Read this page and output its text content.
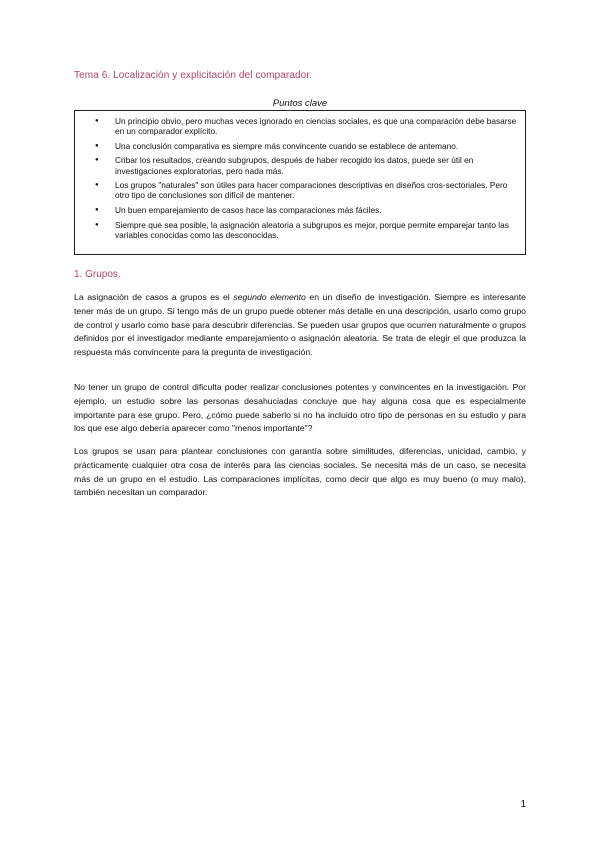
Tema 6. Localización y explicitación del comparador.
Puntos clave
● Un principio obvio, pero muchas veces ignorado en ciencias sociales, es que una comparación debe basarse en un comparador explícito.
● Una conclusión comparativa es siempre más convincente cuando se establece de antemano.
● Cribar los resultados, creando subgrupos, después de haber recogido los datos, puede ser útil en investigaciones exploratorias, pero nada más.
● Los grupos "naturales" son útiles para hacer comparaciones descriptivas en diseños cros-sectoriales. Pero otro tipo de conclusiones son difícil de mantener.
● Un buen emparejamiento de casos hace las comparaciones más fáciles.
● Siempre que sea posible, la asignación aleatoria a subgrupos es mejor, porque permite emparejar tanto las variables conocidas como las desconocidas.
1. Grupos.

La asignación de casos a grupos es el segundo elemento en un diseño de investigación. Siempre es interesante tener más de un grupo. Si tengo más de un grupo puede obtener más detalle en una descripción, usarlo como grupo de control y usarlo como base para descubrir diferencias. Se pueden usar grupos que ocurren naturalmente o grupos definidos por el investigador mediante emparejamiento o asignación aleatoria. Se trata de elegir el que produzca la respuesta más convincente para la pregunta de investigación.

No tener un grupo de control dificulta poder realizar conclusiones potentes y convincentes en la investigación. Por ejemplo, un estudio sobre las personas desahuciadas concluye que hay alguna cosa que es especialmente importante para ese grupo. Pero, ¿cómo puede saberlo si no ha incluido otro tipo de personas en su estudio y para los que ese algo debería aparecer como "menos importante"?

Los grupos se usan para plantear conclusiones con garantía sobre similitudes, diferencias, unicidad, cambio, y prácticamente cualquier otra cosa de interés para las ciencias sociales. Se necesita más de un caso, se necesita más de un grupo en el estudio. Las comparaciones implícitas, como decir que algo es muy bueno (o muy malo), también necesitan un comparador.

1
